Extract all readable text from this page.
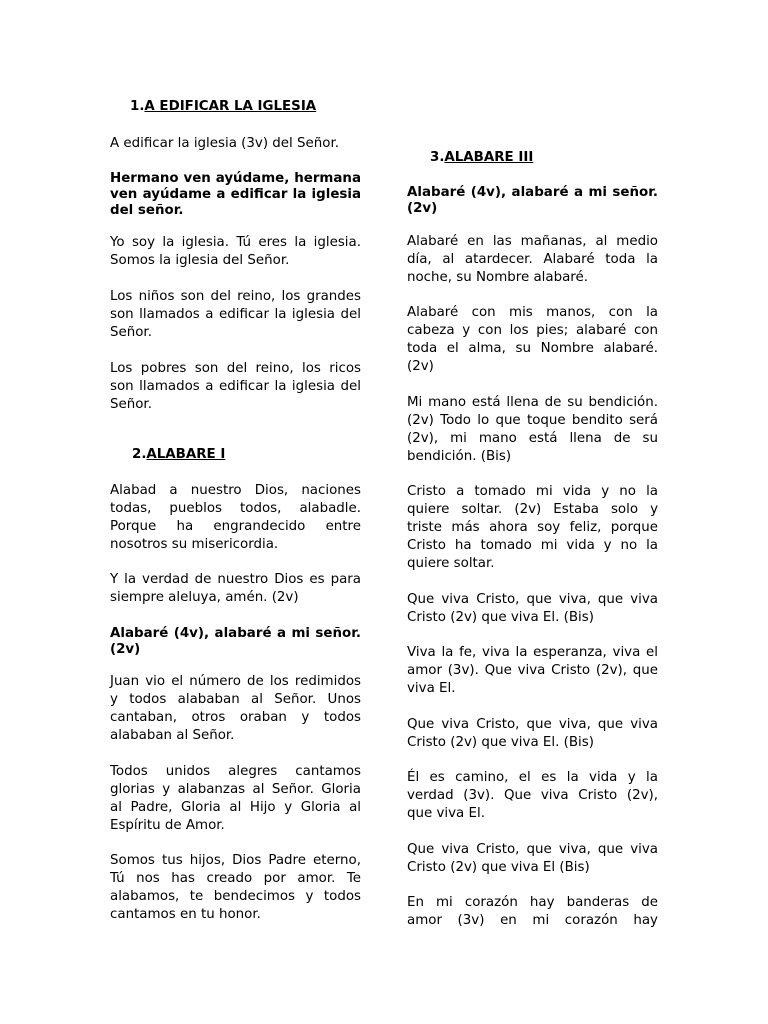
1.A EDIFICAR LA IGLESIA

A edificar la iglesia (3v) del Señor.

Hermano ven ayúdame, hermana ven ayúdame a edificar la iglesia del señor.

Yo soy la iglesia. Tú eres la iglesia. Somos la iglesia del Señor.

Los niños son del reino, los grandes son llamados a edificar la iglesia del Señor.

Los pobres son del reino, los ricos son llamados a edificar la iglesia del Señor.

2.ALABARE I

Alabad a nuestro Dios, naciones todas, pueblos todos, alabadle. Porque ha engrandecido entre nosotros su misericordia.

Y la verdad de nuestro Dios es para siempre aleluya, amén. (2v)

Alabaré (4v), alabaré a mi señor. (2v)

Juan vio el número de los redimidos y todos alababan al Señor. Unos cantaban, otros oraban y todos alababan al Señor.

Todos unidos alegres cantamos glorias y alabanzas al Señor. Gloria al Padre, Gloria al Hijo y Gloria al Espíritu de Amor.

Somos tus hijos, Dios Padre eterno, Tú nos has creado por amor. Te alabamos, te bendecimos y todos cantamos en tu honor.

3.ALABARE III

Alabaré (4v), alabaré a mi señor. (2v)

Alabaré en las mañanas, al medio día, al atardecer. Alabaré toda la noche, su Nombre alabaré.

Alabaré con mis manos, con la cabeza y con los pies; alabaré con toda el alma, su Nombre alabaré. (2v)

Mi mano está llena de su bendición. (2v) Todo lo que toque bendito será (2v), mi mano está llena de su bendición. (Bis)

Cristo a tomado mi vida y no la quiere soltar. (2v) Estaba solo y triste más ahora soy feliz, porque Cristo ha tomado mi vida y no la quiere soltar.

Que viva Cristo, que viva, que viva Cristo (2v) que viva El. (Bis)

Viva la fe, viva la esperanza, viva el amor (3v). Que viva Cristo (2v), que viva El.

Que viva Cristo, que viva, que viva Cristo (2v) que viva El. (Bis)

Él es camino, el es la vida y la verdad (3v). Que viva Cristo (2v), que viva El.

Que viva Cristo, que viva, que viva Cristo (2v) que viva El (Bis)

En mi corazón hay banderas de amor (3v) en mi corazón hay
